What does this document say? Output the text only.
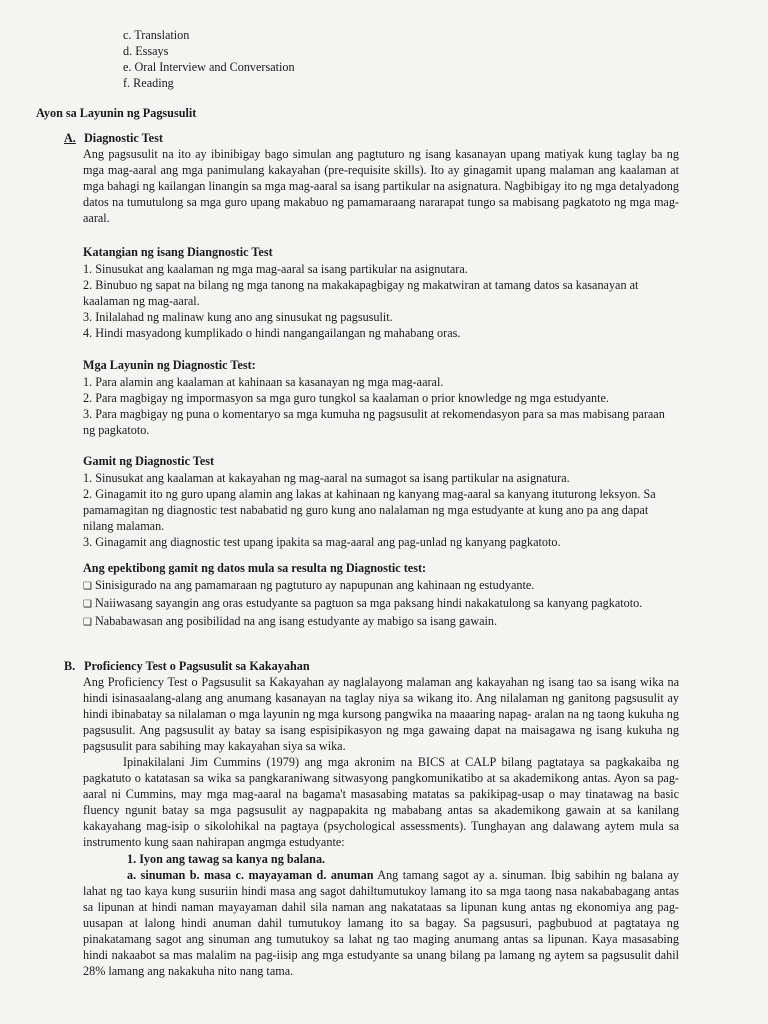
c. Translation
d. Essays
e. Oral Interview and Conversation
f. Reading
Ayon sa Layunin ng Pagsusulit
A. Diagnostic Test
Ang pagsusulit na ito ay ibinibigay bago simulan ang pagtuturo ng isang kasanayan upang matiyak kung taglay ba ng mga mag-aaral ang mga panimulang kakayahan (pre-requisite skills). Ito ay ginagamit upang malaman ang kaalaman at mga bahagi ng kailangan linangin sa mga mag-aaral sa isang partikular na asignatura. Nagbibigay ito ng mga detalyadong datos na tumutulong sa mga guro upang makabuo ng pamamaraang nararapat tungo sa mabisang pagkatoto ng mga mag-aaral.
Katangian ng isang Diangnostic Test
1. Sinusukat ang kaalaman ng mga mag-aaral sa isang partikular na asignutara.
2. Binubuo ng sapat na bilang ng mga tanong na makakapagbigay ng makatwiran at tamang datos sa kasanayan at kaalaman ng mag-aaral.
3. Inilalahad ng malinaw kung ano ang sinusukat ng pagsusulit.
4. Hindi masyadong kumplikado o hindi nangangailangan ng mahabang oras.
Mga Layunin ng Diagnostic Test:
1. Para alamin ang kaalaman at kahinaan sa kasanayan ng mga mag-aaral.
2. Para magbigay ng impormasyon sa mga guro tungkol sa kaalaman o prior knowledge ng mga estudyante.
3. Para magbigay ng puna o komentaryo sa mga kumuha ng pagsusulit at rekomendasyon para sa mas mabisang paraan ng pagkatoto.
Gamit ng Diagnostic Test
1. Sinusukat ang kaalaman at kakayahan ng mag-aaral na sumagot sa isang partikular na asignatura.
2. Ginagamit ito ng guro upang alamin ang lakas at kahinaan ng kanyang mag-aaral sa kanyang ituturong leksyon. Sa pamamagitan ng diagnostic test nababatid ng guro kung ano nalalaman ng mga estudyante at kung ano pa ang dapat nilang malaman.
3. Ginagamit ang diagnostic test upang ipakita sa mag-aaral ang pag-unlad ng kanyang pagkatoto.
Ang epektibong gamit ng datos mula sa resulta ng Diagnostic test:
❑ Sinisigurado na ang pamamaraan ng pagtuturo ay napupunan ang kahinaan ng estudyante.
❑ Naiiwasang sayangin ang oras estudyante sa pagtuon sa mga paksang hindi nakakatulong sa kanyang pagkatoto.
❑ Nababawasan ang posibilidad na ang isang estudyante ay mabigo sa isang gawain.
B. Proficiency Test o Pagsusulit sa Kakayahan
Ang Proficiency Test o Pagsusulit sa Kakayahan ay naglalayong malaman ang kakayahan ng isang tao sa isang wika na hindi isinasaalang-alang ang anumang kasanayan na taglay niya sa wikang ito. Ang nilalaman ng ganitong pagsusulit ay hindi ibinabatay sa nilalaman o mga layunin ng mga kursong pangwika na maaaring napag- aralan na ng taong kukuha ng pagsusulit. Ang pagsusulit ay batay sa isang espisipikasyon ng mga gawaing dapat na maisagawa ng isang kukuha ng pagsusulit para sabihing may kakayahan siya sa wika.
Ipinakilalani Jim Cummins (1979) ang mga akronim na BICS at CALP bilang pagtataya sa pagkakaiba ng pagkatuto o katatasan sa wika sa pangkaraniwang sitwasyong pangkomunikatibo at sa akademikong antas. Ayon sa pag-aaral ni Cummins, may mga mag-aaral na bagama't masasabing matatas sa pakikipag-usap o may tinatawag na basic fluency ngunit batay sa mga pagsusulit ay nagpapakita ng mababang antas sa akademikong gawain at sa kanilang kakayahang mag-isip o sikolohikal na pagtaya (psychological assessments). Tunghayan ang dalawang aytem mula sa instrumento kung saan nahirapan angmga estudyante:
1. Iyon ang tawag sa kanya ng balana.
a. sinuman b. masa c. mayayaman d. anuman Ang tamang sagot ay a. sinuman. Ibig sabihin ng balana ay lahat ng tao kaya kung susuriin hindi masa ang sagot dahiltumutukoy lamang ito sa mga taong nasa nakababagang antas sa lipunan at hindi naman mayayaman dahil sila naman ang nakatataas sa lipunan kung antas ng ekonomiya ang pag-uusapan at lalong hindi anuman dahil tumutukoy lamang ito sa bagay. Sa pagsusuri, pagbubuod at pagtataya ng pinakatamang sagot ang sinuman ang tumutukoy sa lahat ng tao maging anumang antas sa lipunan. Kaya masasabing hindi nakaabot sa mas malalim na pag-iisip ang mga estudyante sa unang bilang pa lamang ng aytem sa pagsusulit dahil 28% lamang ang nakakuha nito nang tama.
